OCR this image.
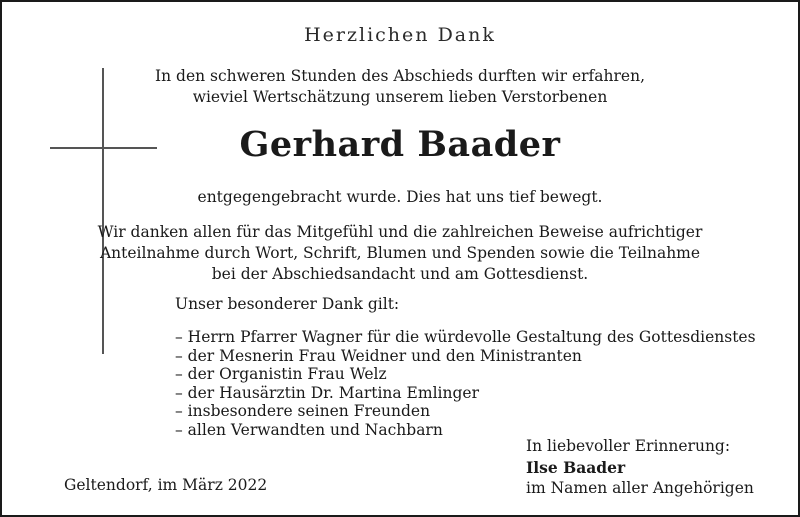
Herzlichen Dank
In den schweren Stunden des Abschieds durften wir erfahren,
wieviel Wertschätzung unserem lieben Verstorbenen
Gerhard Baader
entgegengebracht wurde. Dies hat uns tief bewegt.
Wir danken allen für das Mitgefühl und die zahlreichen Beweise aufrichtiger
Anteilnahme durch Wort, Schrift, Blumen und Spenden sowie die Teilnahme
bei der Abschiedsandacht und am Gottesdienst.
Unser besonderer Dank gilt:
– Herrn Pfarrer Wagner für die würdevolle Gestaltung des Gottesdienstes
– der Mesnerin Frau Weidner und den Ministranten
– der Organistin Frau Welz
– der Hausärztin Dr. Martina Emlinger
– insbesondere seinen Freunden
– allen Verwandten und Nachbarn
Geltendorf, im März 2022
In liebevoller Erinnerung:
Ilse Baader
im Namen aller Angehörigen
